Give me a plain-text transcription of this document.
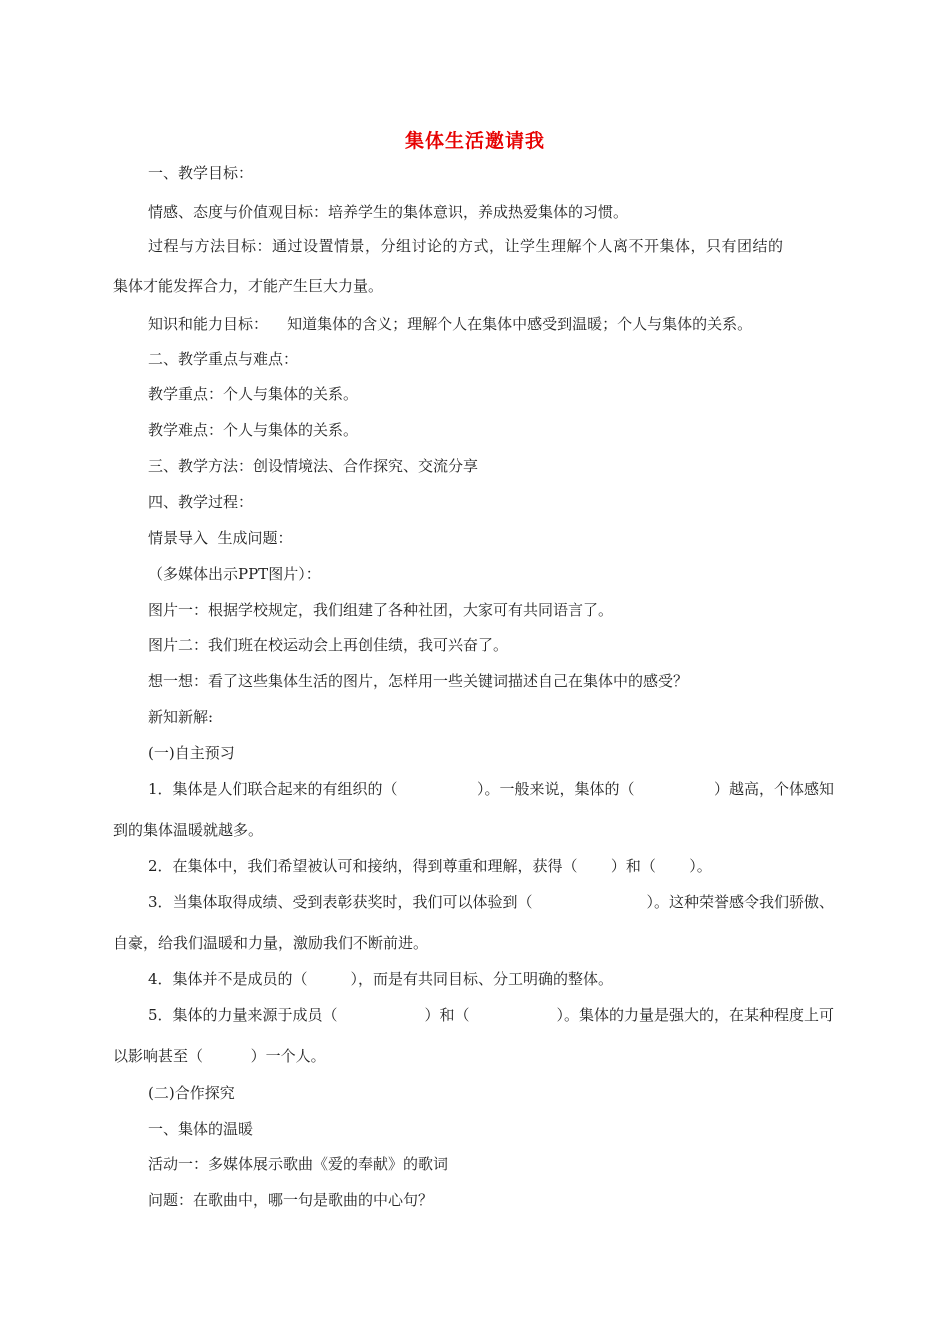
集体生活邀请我
一、教学目标：
情感、态度与价值观目标：培养学生的集体意识，养成热爱集体的习惯。
过程与方法目标：通过设置情景，分组讨论的方式，让学生理解个人离不开集体，只有团结的
集体才能发挥合力，才能产生巨大力量。
知识和能力目标：    知道集体的含义；理解个人在集体中感受到温暖；个人与集体的关系。
二、教学重点与难点：
教学重点：个人与集体的关系。
教学难点：个人与集体的关系。
三、教学方法：创设情境法、合作探究、交流分享
四、教学过程：
情景导入  生成问题：
（多媒体出示PPT图片）：
图片一：根据学校规定，我们组建了各种社团，大家可有共同语言了。
图片二：我们班在校运动会上再创佳绩，我可兴奋了。
想一想：看了这些集体生活的图片，怎样用一些关键词描述自己在集体中的感受？
新知新解:
(一)自主预习
1．集体是人们联合起来的有组织的（	）。一般来说，集体的（	）越高，个体感知
到的集体温暖就越多。
2．在集体中，我们希望被认可和接纳，得到尊重和理解，获得（       ）和（       ）。
3．当集体取得成绩、受到表彰获奖时，我们可以体验到（	）。这种荣誉感令我们骄傲、
自豪，给我们温暖和力量，激励我们不断前进。
4．集体并不是成员的（         ），而是有共同目标、分工明确的整体。
5．集体的力量来源于成员（	）和（	）。集体的力量是强大的，在某种程度上可
以影响甚至（          ）一个人。
(二)合作探究
一、集体的温暖
活动一：多媒体展示歌曲《爱的奉献》的歌词
问题：在歌曲中，哪一句是歌曲的中心句？
